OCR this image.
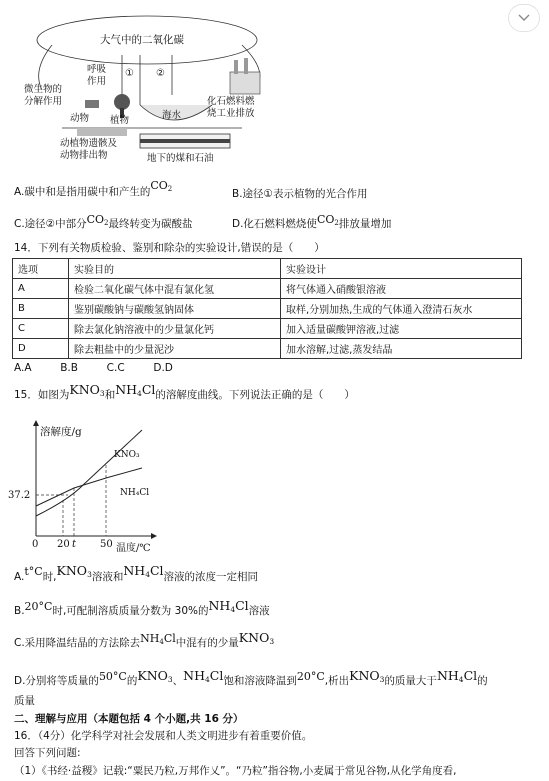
大气中的二氧化碳
呼吸
作用
① ②
微生物的
分解作用
动物 植物	海水
化石燃料燃
烧工业排放
动植物遗骸及
动物排出物	地下的煤和石油
A.碳中和是指用碳中和产生的$CO_2$	B.途径①表示植物的光合作用
C.途径②中部分$CO_2$最终转变为碳酸盐	D.化石燃料燃烧使$CO_2$排放量增加
14．下列有关物质检验、鉴别和除杂的实验设计,错误的是（　　）
选项	实验目的	实验设计
A	检验二氧化碳气体中混有氯化氢	将气体通入硝酸银溶液
B	鉴别碳酸钠与碳酸氢钠固体	取样,分别加热,生成的气体通入澄清石灰水
C	除去氯化钠溶液中的少量氯化钙	加入适量碳酸钾溶液,过滤
D	除去粗盐中的少量泥沙	加水溶解,过滤,蒸发结晶
A.A	B.B	C.C	D.D
15．如图为$KNO_3$和$NH_4Cl$的溶解度曲线。下列说法正确的是（　　）
溶解度/g
KNO₃
NH₄Cl
37.2
0 20 t 50 温度/℃
A.t°C时$,KNO_3$溶液和$NH_4Cl$溶液的浓度一定相同
B.20°C时,可配制溶质质量分数为 30%的$NH_4Cl$溶液
C.采用降温结晶的方法除去$NH_4Cl$中混有的少量$KNO_3$
D.分别将等质量的50°C的$KNO_3$、$NH_4Cl$饱和溶液降温到20°C,析出$KNO_3$的质量大于$NH_4Cl$的
质量
二、理解与应用（本题包括 4 个小题,共 16 分）
16．（4分）化学科学对社会发展和人类文明进步有着重要价值。
回答下列问题:
（1）《书经·益稷》记载:“粟民乃粒,万邦作乂”。“乃粒”指谷物,小麦属于常见谷物,从化学角度看,
